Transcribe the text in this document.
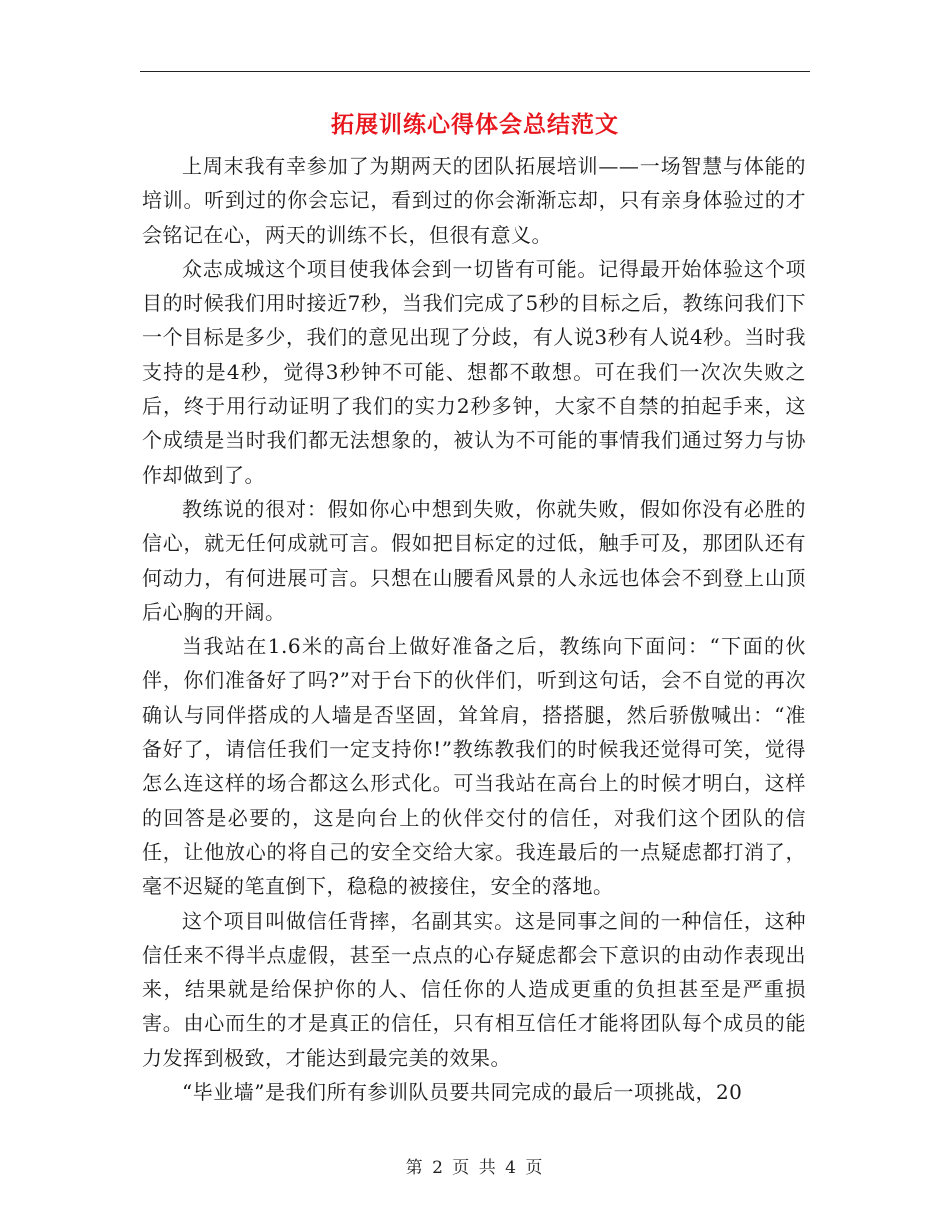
拓展训练心得体会总结范文

上周末我有幸参加了为期两天的团队拓展培训——一场智慧与体能的培训。听到过的你会忘记，看到过的你会渐渐忘却，只有亲身体验过的才会铭记在心，两天的训练不长，但很有意义。

众志成城这个项目使我体会到一切皆有可能。记得最开始体验这个项目的时候我们用时接近7秒，当我们完成了5秒的目标之后，教练问我们下一个目标是多少，我们的意见出现了分歧，有人说3秒有人说4秒。当时我支持的是4秒，觉得3秒钟不可能、想都不敢想。可在我们一次次失败之后，终于用行动证明了我们的实力2秒多钟，大家不自禁的拍起手来，这个成绩是当时我们都无法想象的，被认为不可能的事情我们通过努力与协作却做到了。

教练说的很对：假如你心中想到失败，你就失败，假如你没有必胜的信心，就无任何成就可言。假如把目标定的过低，触手可及，那团队还有何动力，有何进展可言。只想在山腰看风景的人永远也体会不到登上山顶后心胸的开阔。

当我站在1.6米的高台上做好准备之后，教练向下面问：“下面的伙伴，你们准备好了吗?”对于台下的伙伴们，听到这句话，会不自觉的再次确认与同伴搭成的人墙是否坚固，耸耸肩，搭搭腿，然后骄傲喊出：“准备好了，请信任我们一定支持你!”教练教我们的时候我还觉得可笑，觉得怎么连这样的场合都这么形式化。可当我站在高台上的时候才明白，这样的回答是必要的，这是向台上的伙伴交付的信任，对我们这个团队的信任，让他放心的将自己的安全交给大家。我连最后的一点疑虑都打消了，毫不迟疑的笔直倒下，稳稳的被接住，安全的落地。

这个项目叫做信任背摔，名副其实。这是同事之间的一种信任，这种信任来不得半点虚假，甚至一点点的心存疑虑都会下意识的由动作表现出来，结果就是给保护你的人、信任你的人造成更重的负担甚至是严重损害。由心而生的才是真正的信任，只有相互信任才能将团队每个成员的能力发挥到极致，才能达到最完美的效果。

“毕业墙”是我们所有参训队员要共同完成的最后一项挑战，20

第 2 页 共 4 页
